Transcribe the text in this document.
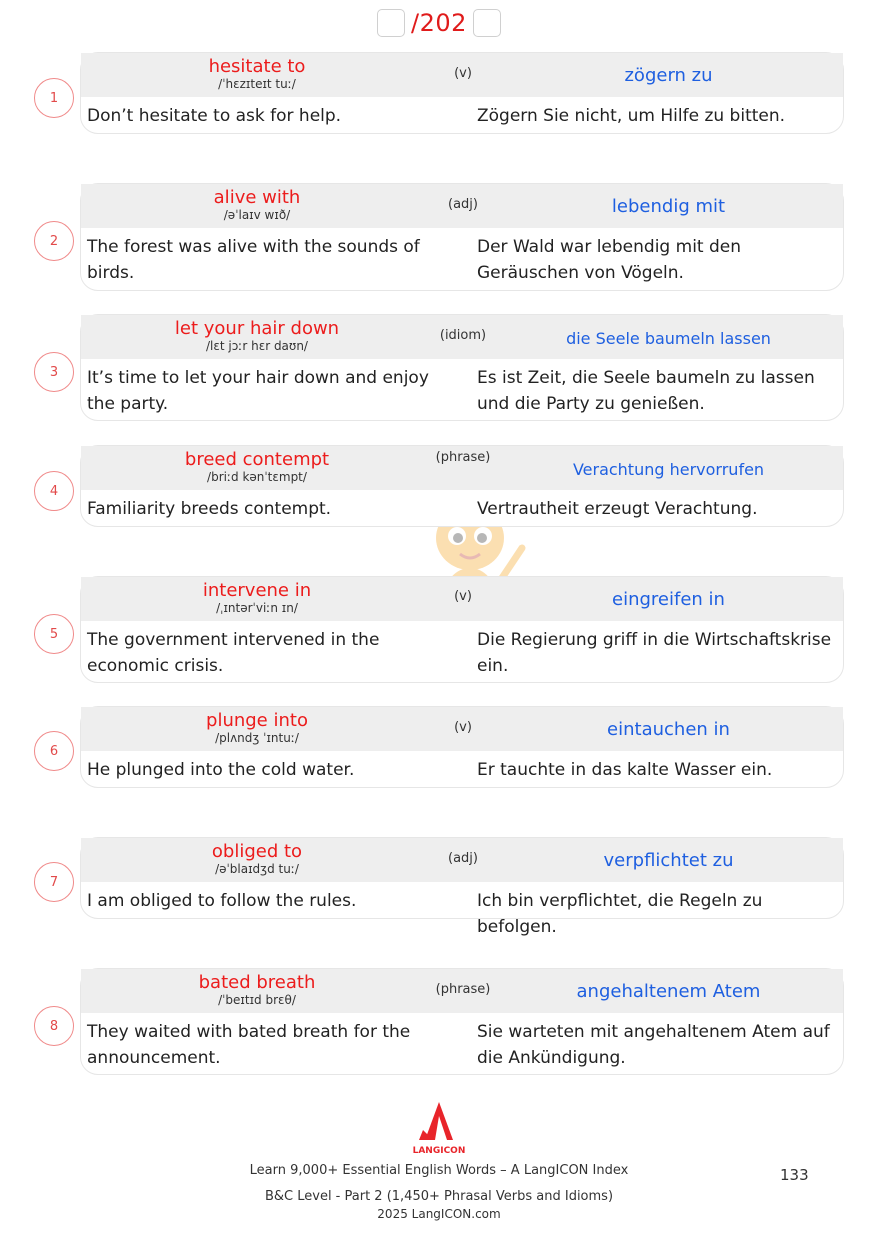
/202
1
hesitate to
/ˈhɛzɪteɪt tuː/
(v)	zögern zu
Don’t hesitate to ask for help.	Zögern Sie nicht, um Hilfe zu bitten.
2
alive with
/əˈlaɪv wɪð/
(adj)	lebendig mit
The forest was alive with the sounds of birds.
Der Wald war lebendig mit den Geräuschen von Vögeln.
3
let your hair down
/lɛt jɔːr hɛr daʊn/
(idiom)	die Seele baumeln lassen
It’s time to let your hair down and enjoy the party.
Es ist Zeit, die Seele baumeln zu lassen und die Party zu genießen.
4
breed contempt
/briːd kənˈtɛmpt/
(phrase)
Verachtung hervorrufen
Familiarity breeds contempt.	Vertrautheit erzeugt Verachtung.
5
intervene in
/ˌɪntərˈviːn ɪn/
(v)	eingreifen in
The government intervened in the economic crisis.
Die Regierung griff in die Wirtschaftskrise ein.
6
plunge into
/plʌndʒ ˈɪntuː/
(v)	eintauchen in
He plunged into the cold water.	Er tauchte in das kalte Wasser ein.
7
obliged to
/əˈblaɪdʒd tuː/
(adj)	verpflichtet zu
I am obliged to follow the rules.	Ich bin verpflichtet, die Regeln zu befolgen.
8
bated breath
/ˈbeɪtɪd brɛθ/
(phrase)	angehaltenem Atem
They waited with bated breath for the announcement.
Sie warteten mit angehaltenem Atem auf die Ankündigung.
LANGICON
Learn 9,000+ Essential English Words – A LangICON Index
B&C Level - Part 2 (1,450+ Phrasal Verbs and Idioms)
2025 LangICON.com
133
